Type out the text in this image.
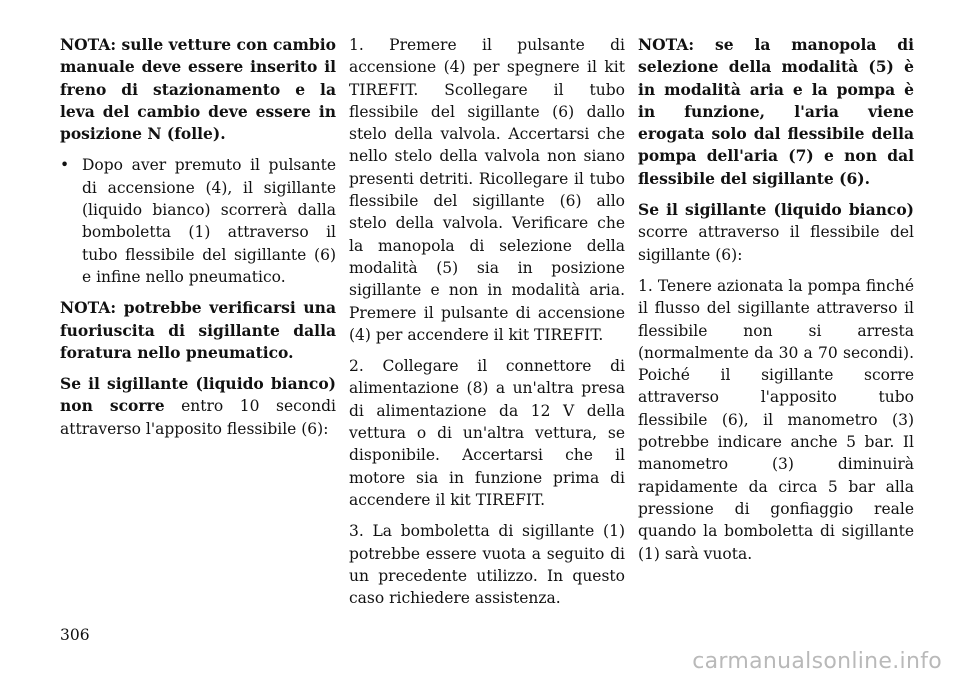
NOTA: sulle vetture con cambio manuale deve essere inserito il freno di stazionamento e la leva del cambio deve essere in posizione N (folle).

• Dopo aver premuto il pulsante di accensione (4), il sigillante (liquido bianco) scorrerà dalla bomboletta (1) attraverso il tubo flessibile del sigillante (6) e infine nello pneumatico.

NOTA: potrebbe verificarsi una fuoriuscita di sigillante dalla foratura nello pneumatico.

Se il sigillante (liquido bianco) non scorre entro 10 secondi attraverso l'apposito flessibile (6):

1. Premere il pulsante di accensione (4) per spegnere il kit TIREFIT. Scollegare il tubo flessibile del sigillante (6) dallo stelo della valvola. Accertarsi che nello stelo della valvola non siano presenti detriti. Ricollegare il tubo flessibile del sigillante (6) allo stelo della valvola. Verificare che la manopola di selezione della modalità (5) sia in posizione sigillante e non in modalità aria. Premere il pulsante di accensione (4) per accendere il kit TIREFIT.

2. Collegare il connettore di alimentazione (8) a un'altra presa di alimentazione da 12 V della vettura o di un'altra vettura, se disponibile. Accertarsi che il motore sia in funzione prima di accendere il kit TIREFIT.

3. La bomboletta di sigillante (1) potrebbe essere vuota a seguito di un precedente utilizzo. In questo caso richiedere assistenza.

NOTA: se la manopola di selezione della modalità (5) è in modalità aria e la pompa è in funzione, l'aria viene erogata solo dal flessibile della pompa dell'aria (7) e non dal flessibile del sigillante (6).

Se il sigillante (liquido bianco) scorre attraverso il flessibile del sigillante (6):

1. Tenere azionata la pompa finché il flusso del sigillante attraverso il flessibile non si arresta (normalmente da 30 a 70 secondi). Poiché il sigillante scorre attraverso l'apposito tubo flessibile (6), il manometro (3) potrebbe indicare anche 5 bar. Il manometro (3) diminuirà rapidamente da circa 5 bar alla pressione di gonfiaggio reale quando la bomboletta di sigillante (1) sarà vuota.

306
carmanualsonline.info
